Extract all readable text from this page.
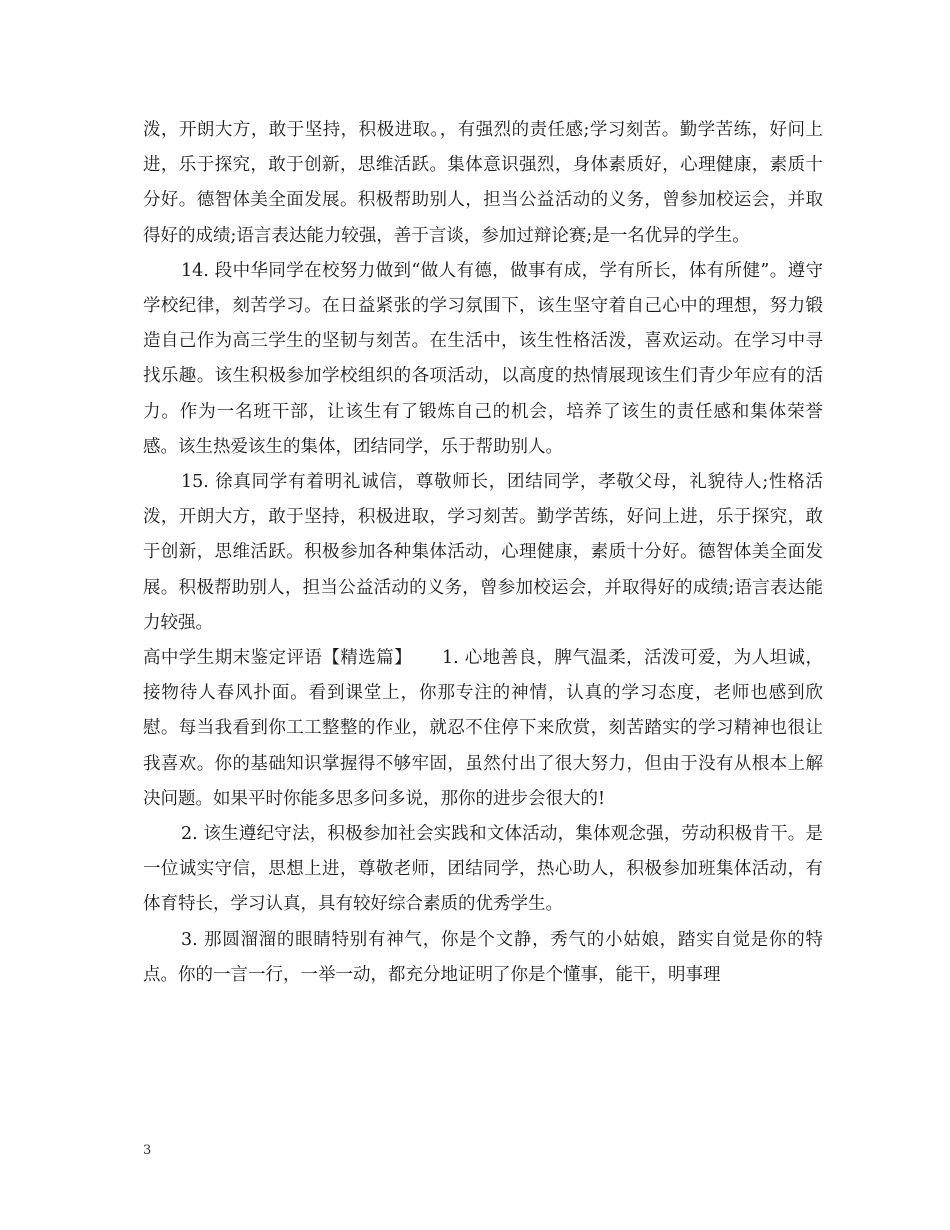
泼，开朗大方，敢于坚持，积极进取。，有强烈的责任感;学习刻苦。勤学苦练，好问上进，乐于探究，敢于创新，思维活跃。集体意识强烈，身体素质好，心理健康，素质十分好。德智体美全面发展。积极帮助别人，担当公益活动的义务，曾参加校运会，并取得好的成绩;语言表达能力较强，善于言谈，参加过辩论赛;是一名优异的学生。

14. 段中华同学在校努力做到“做人有德，做事有成，学有所长，体有所健”。遵守学校纪律，刻苦学习。在日益紧张的学习氛围下，该生坚守着自己心中的理想，努力锻造自己作为高三学生的坚韧与刻苦。在生活中，该生性格活泼，喜欢运动。在学习中寻找乐趣。该生积极参加学校组织的各项活动，以高度的热情展现该生们青少年应有的活力。作为一名班干部，让该生有了锻炼自己的机会，培养了该生的责任感和集体荣誉感。该生热爱该生的集体，团结同学，乐于帮助别人。

15. 徐真同学有着明礼诚信，尊敬师长，团结同学，孝敬父母，礼貌待人;性格活泼，开朗大方，敢于坚持，积极进取，学习刻苦。勤学苦练，好问上进，乐于探究，敢于创新，思维活跃。积极参加各种集体活动，心理健康，素质十分好。德智体美全面发展。积极帮助别人，担当公益活动的义务，曾参加校运会，并取得好的成绩;语言表达能力较强。

高中学生期末鉴定评语【精选篇】 1. 心地善良，脾气温柔，活泼可爱，为人坦诚，接物待人春风扑面。看到课堂上，你那专注的神情，认真的学习态度，老师也感到欣慰。每当我看到你工工整整的作业，就忍不住停下来欣赏，刻苦踏实的学习精神也很让我喜欢。你的基础知识掌握得不够牢固，虽然付出了很大努力，但由于没有从根本上解决问题。如果平时你能多思多问多说，那你的进步会很大的!

2. 该生遵纪守法，积极参加社会实践和文体活动，集体观念强，劳动积极肯干。是一位诚实守信，思想上进，尊敬老师，团结同学，热心助人，积极参加班集体活动，有体育特长，学习认真，具有较好综合素质的优秀学生。

3. 那圆溜溜的眼睛特别有神气，你是个文静，秀气的小姑娘，踏实自觉是你的特点。你的一言一行，一举一动，都充分地证明了你是个懂事，能干，明事理

3
